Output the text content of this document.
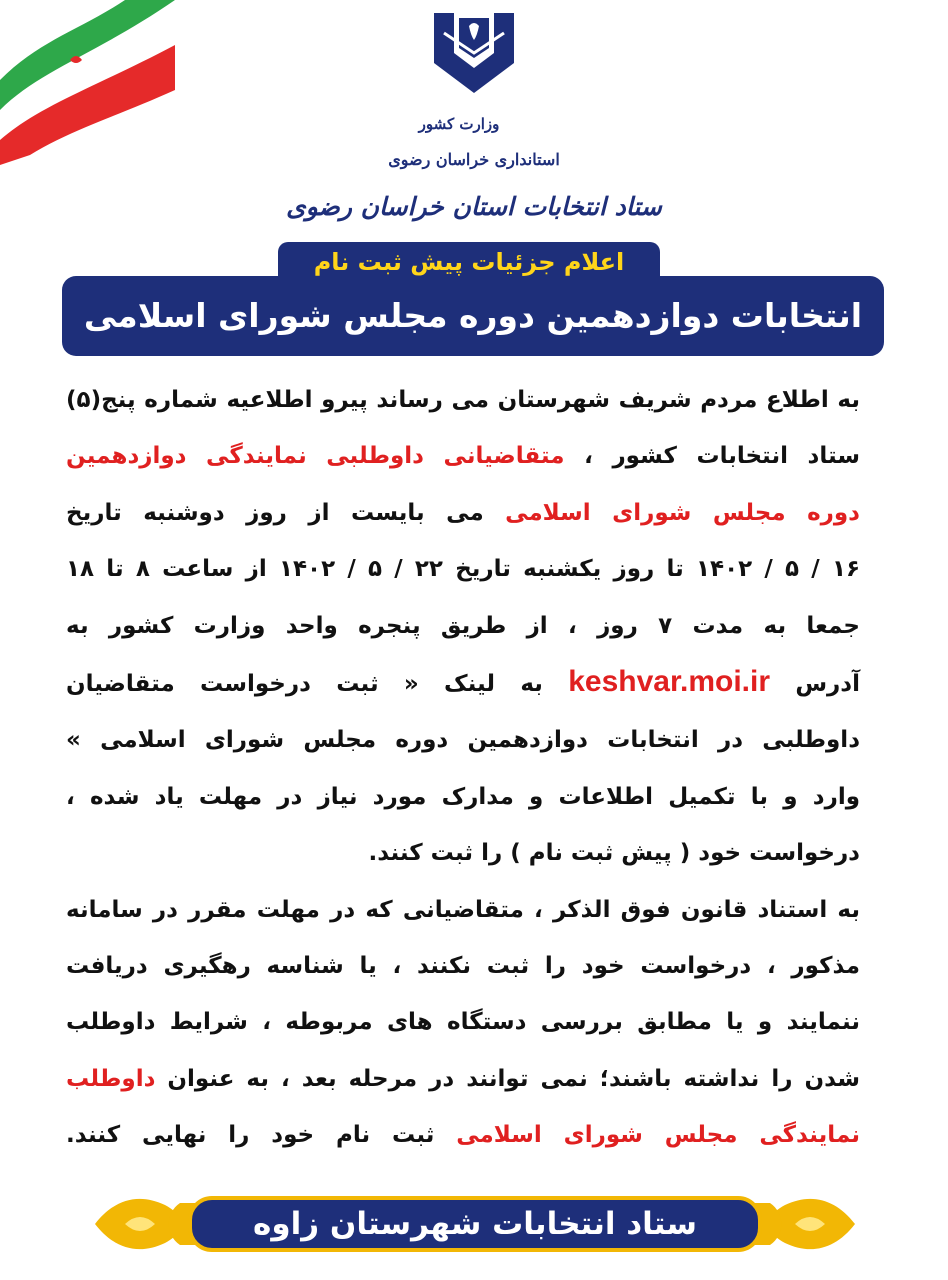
وزارت کشور
استانداری خراسان رضوی
ستاد انتخابات استان خراسان رضوی
اعلام جزئیات پیش ثبت نام
انتخابات دوازدهمین دوره مجلس شورای اسلامی
به اطلاع مردم شریف شهرستان می رساند پیرو اطلاعیه شماره پنج(۵)
ستاد انتخابات کشور ، متقاضیانی داوطلبی نمایندگی دوازدهمین
دوره مجلس شورای اسلامی می بایست از روز دوشنبه تاریخ
۱۶ / ۵ / ۱۴۰۲ تا روز یکشنبه تاریخ ۲۲ / ۵ / ۱۴۰۲ از ساعت ۸ تا ۱۸
جمعا به مدت ۷ روز ، از طریق پنجره واحد وزارت کشور به
آدرس keshvar.moi.ir به لینک « ثبت درخواست متقاضیان
داوطلبی در انتخابات دوازدهمین دوره مجلس شورای اسلامی »
وارد و با تکمیل اطلاعات و مدارک مورد نیاز در مهلت یاد شده ،
درخواست خود ( پیش ثبت نام ) را ثبت کنند.
به استناد قانون فوق الذکر ، متقاضیانی که در مهلت مقرر در سامانه
مذکور ، درخواست خود را ثبت نکنند ، یا شناسه رهگیری دریافت
ننمایند و یا مطابق بررسی دستگاه های مربوطه ، شرایط داوطلب
شدن را نداشته باشند؛ نمی توانند در مرحله بعد ، به عنوان داوطلب
نمایندگی مجلس شورای اسلامی ثبت نام خود را نهایی کنند.
ستاد انتخابات شهرستان زاوه
